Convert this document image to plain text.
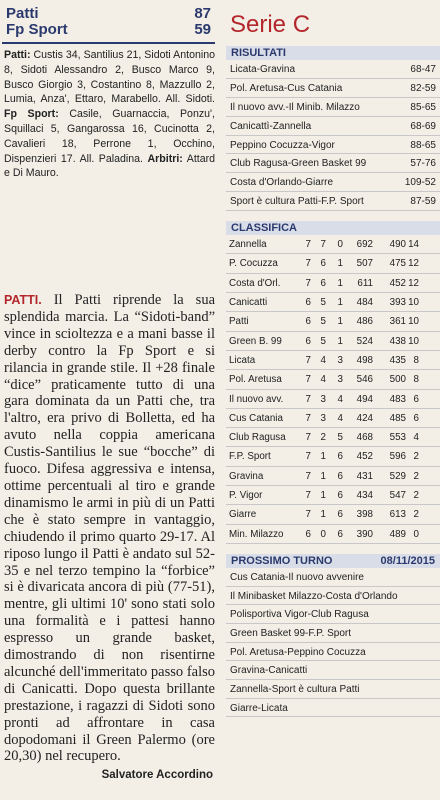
Patti	87
Fp Sport	59
Patti: Custis 34, Santilius 21, Sidoti Antonino 8, Sidoti Alessandro 2, Busco Marco 9, Busco Giorgio 3, Costantino 8, Mazzullo 2, Lumia, Anza', Ettaro, Marabello. All. Sidoti. Fp Sport: Casile, Guarnaccia, Ponzu', Squillaci 5, Gangarossa 16, Cucinotta 2, Cavalieri 18, Perrone 1, Occhino, Dispenzieri 17. All. Paladina. Arbitri: Attard e Di Mauro.
PATTI. Il Patti riprende la sua splendida marcia. La “Sidoti-band” vince in scioltezza e a mani basse il derby contro la Fp Sport e si rilancia in grande stile. Il +28 finale “dice” praticamente tutto di una gara dominata da un Patti che, tra l'altro, era privo di Bolletta, ed ha avuto nella coppia americana Custis-Santilius le sue “bocche” di fuoco. Difesa aggressiva e intensa, ottime percentuali al tiro e grande dinamismo le armi in più di un Patti che è stato sempre in vantaggio, chiudendo il primo quarto 29-17. Al riposo lungo il Patti è andato sul 52-35 e nel terzo tempino la “forbice” si è divaricata ancora di più (77-51), mentre, gli ultimi 10' sono stati solo una formalità e i pattesi hanno espresso un grande basket, dimostrando di non risentirne alcunché dell'immeritato passo falso di Canicatti. Dopo questa brillante prestazione, i ragazzi di Sidoti sono pronti ad affrontare in casa dopodomani il Green Palermo (ore 20,30) nel recupero.
Salvatore Accordino
Serie C
RISULTATI
Licata-Gravina	68-47
Pol. Aretusa-Cus Catania	82-59
Il nuovo avv.-Il Minib. Milazzo	85-65
Canicattì-Zannella	68-69
Peppino Cocuzza-Vigor	88-65
Club Ragusa-Green Basket 99	57-76
Costa d'Orlando-Giarre	109-52
Sport è cultura Patti-F.P. Sport	87-59
CLASSIFICA
Zannella	7 7	0	692	490 14
P. Cocuzza	7 6	1	507	475 12
Costa d'Orl.	7 6	1	611	452 12
Canicatti	6 5	1	484	393 10
Patti	6 5	1	486	361 10
Green B. 99	6 5	1	524	438 10
Licata	7 4	3	498	435 8
Pol. Aretusa	7 4	3	546	500 8
Il nuovo avv.	7 3	4	494	483 6
Cus Catania	7 3	4	424	485 6
Club Ragusa	7 2	5	468	553 4
F.P. Sport	7 1	6	452	596 2
Gravina	7 1	6	431	529 2
P. Vigor	7 1	6	434	547 2
Giarre	7 1	6	398	613 2
Min. Milazzo	6 0	6	390	489 0
PROSSIMO TURNO	08/11/2015
Cus Catania-Il nuovo avvenire
Il Minibasket Milazzo-Costa d'Orlando
Polisportiva Vigor-Club Ragusa
Green Basket 99-F.P. Sport
Pol. Aretusa-Peppino Cocuzza
Gravina-Canicatti
Zannella-Sport è cultura Patti
Giarre-Licata
